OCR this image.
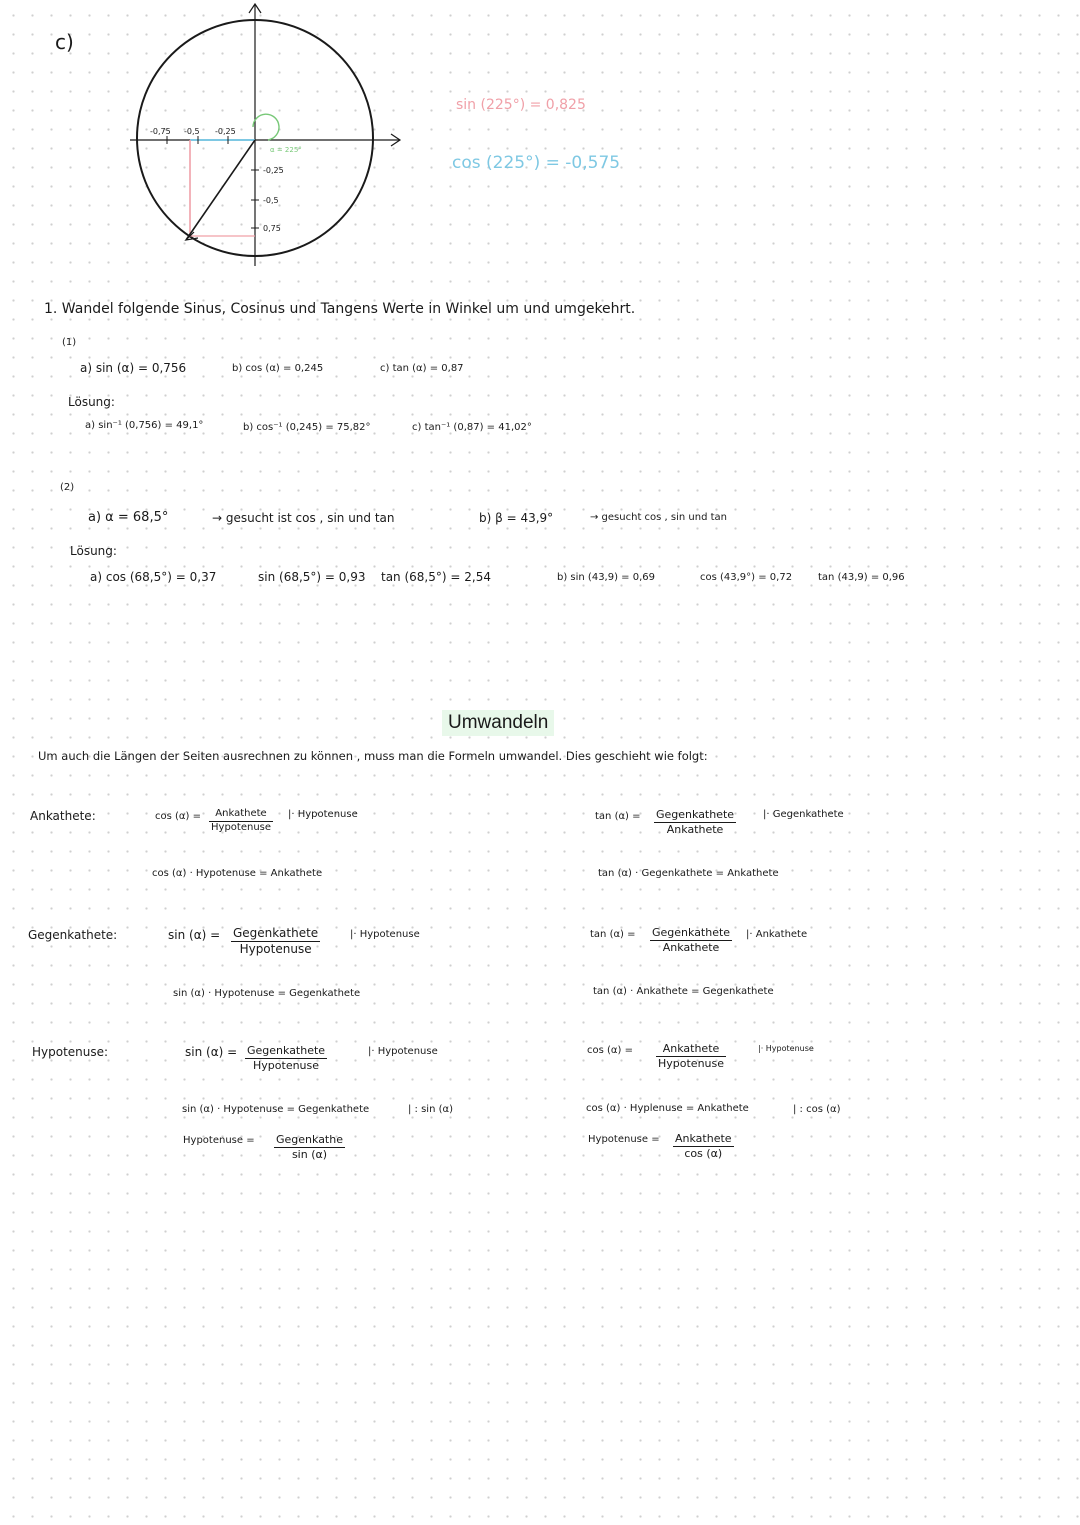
c)
-0,75 -0,5 -0,25
-0,25
-0,5
0,75
α = 225°
sin (225°) = 0,825
cos (225°) = -0,575
1. Wandel folgende Sinus, Cosinus und Tangens Werte in Winkel um und umgekehrt.
(1)
a) sin (α) = 0,756	b) cos (α) = 0,245	c) tan (α) = 0,87
Lösung:
a) sin⁻¹ (0,756) = 49,1°	b) cos⁻¹ (0,245) = 75,82°	c) tan⁻¹ (0,87) = 41,02°
(2)
a) α = 68,5°	→ gesucht ist cos , sin und tan	b) β = 43,9°	→ gesucht cos , sin und tan
Lösung:
a) cos (68,5°) = 0,37	sin (68,5°) = 0,93 tan (68,5°) = 2,54	b) sin (43,9) = 0,69	cos (43,9°) = 0,72	tan (43,9) = 0,96
Umwandeln
Um auch die Längen der Seiten ausrechnen zu können , muss man die Formeln umwandel. Dies geschieht wie folgt:
Ankathete:	cos (α) =	Ankathete
Hypotenuse
|· Hypotenuse
cos (α) · Hypotenuse = Ankathete
tan (α) = Gegenkathete
Ankathete
|· Gegenkathete
tan (α) · Gegenkathete = Ankathete
Gegenkathete:	sin (α) = Gegenkathete
Hypotenuse
|· Hypotenuse
sin (α) · Hypotenuse = Gegenkathete
tan (α) = Gegenkathete
Ankathete
|· Ankathete
tan (α) · Ankathete = Gegenkathete
Hypotenuse:	sin (α) = Gegenkathete
Hypotenuse
|· Hypotenuse
sin (α) · Hypotenuse = Gegenkathete	| : sin (α)
Hypotenuse = Gegenkathe
sin (α)
cos (α) =	Ankathete
Hypotenuse
|· Hypotenuse
cos (α) · Hyplenuse = Ankathete	| : cos (α)
Hypotenuse = Ankathete
cos (α)
